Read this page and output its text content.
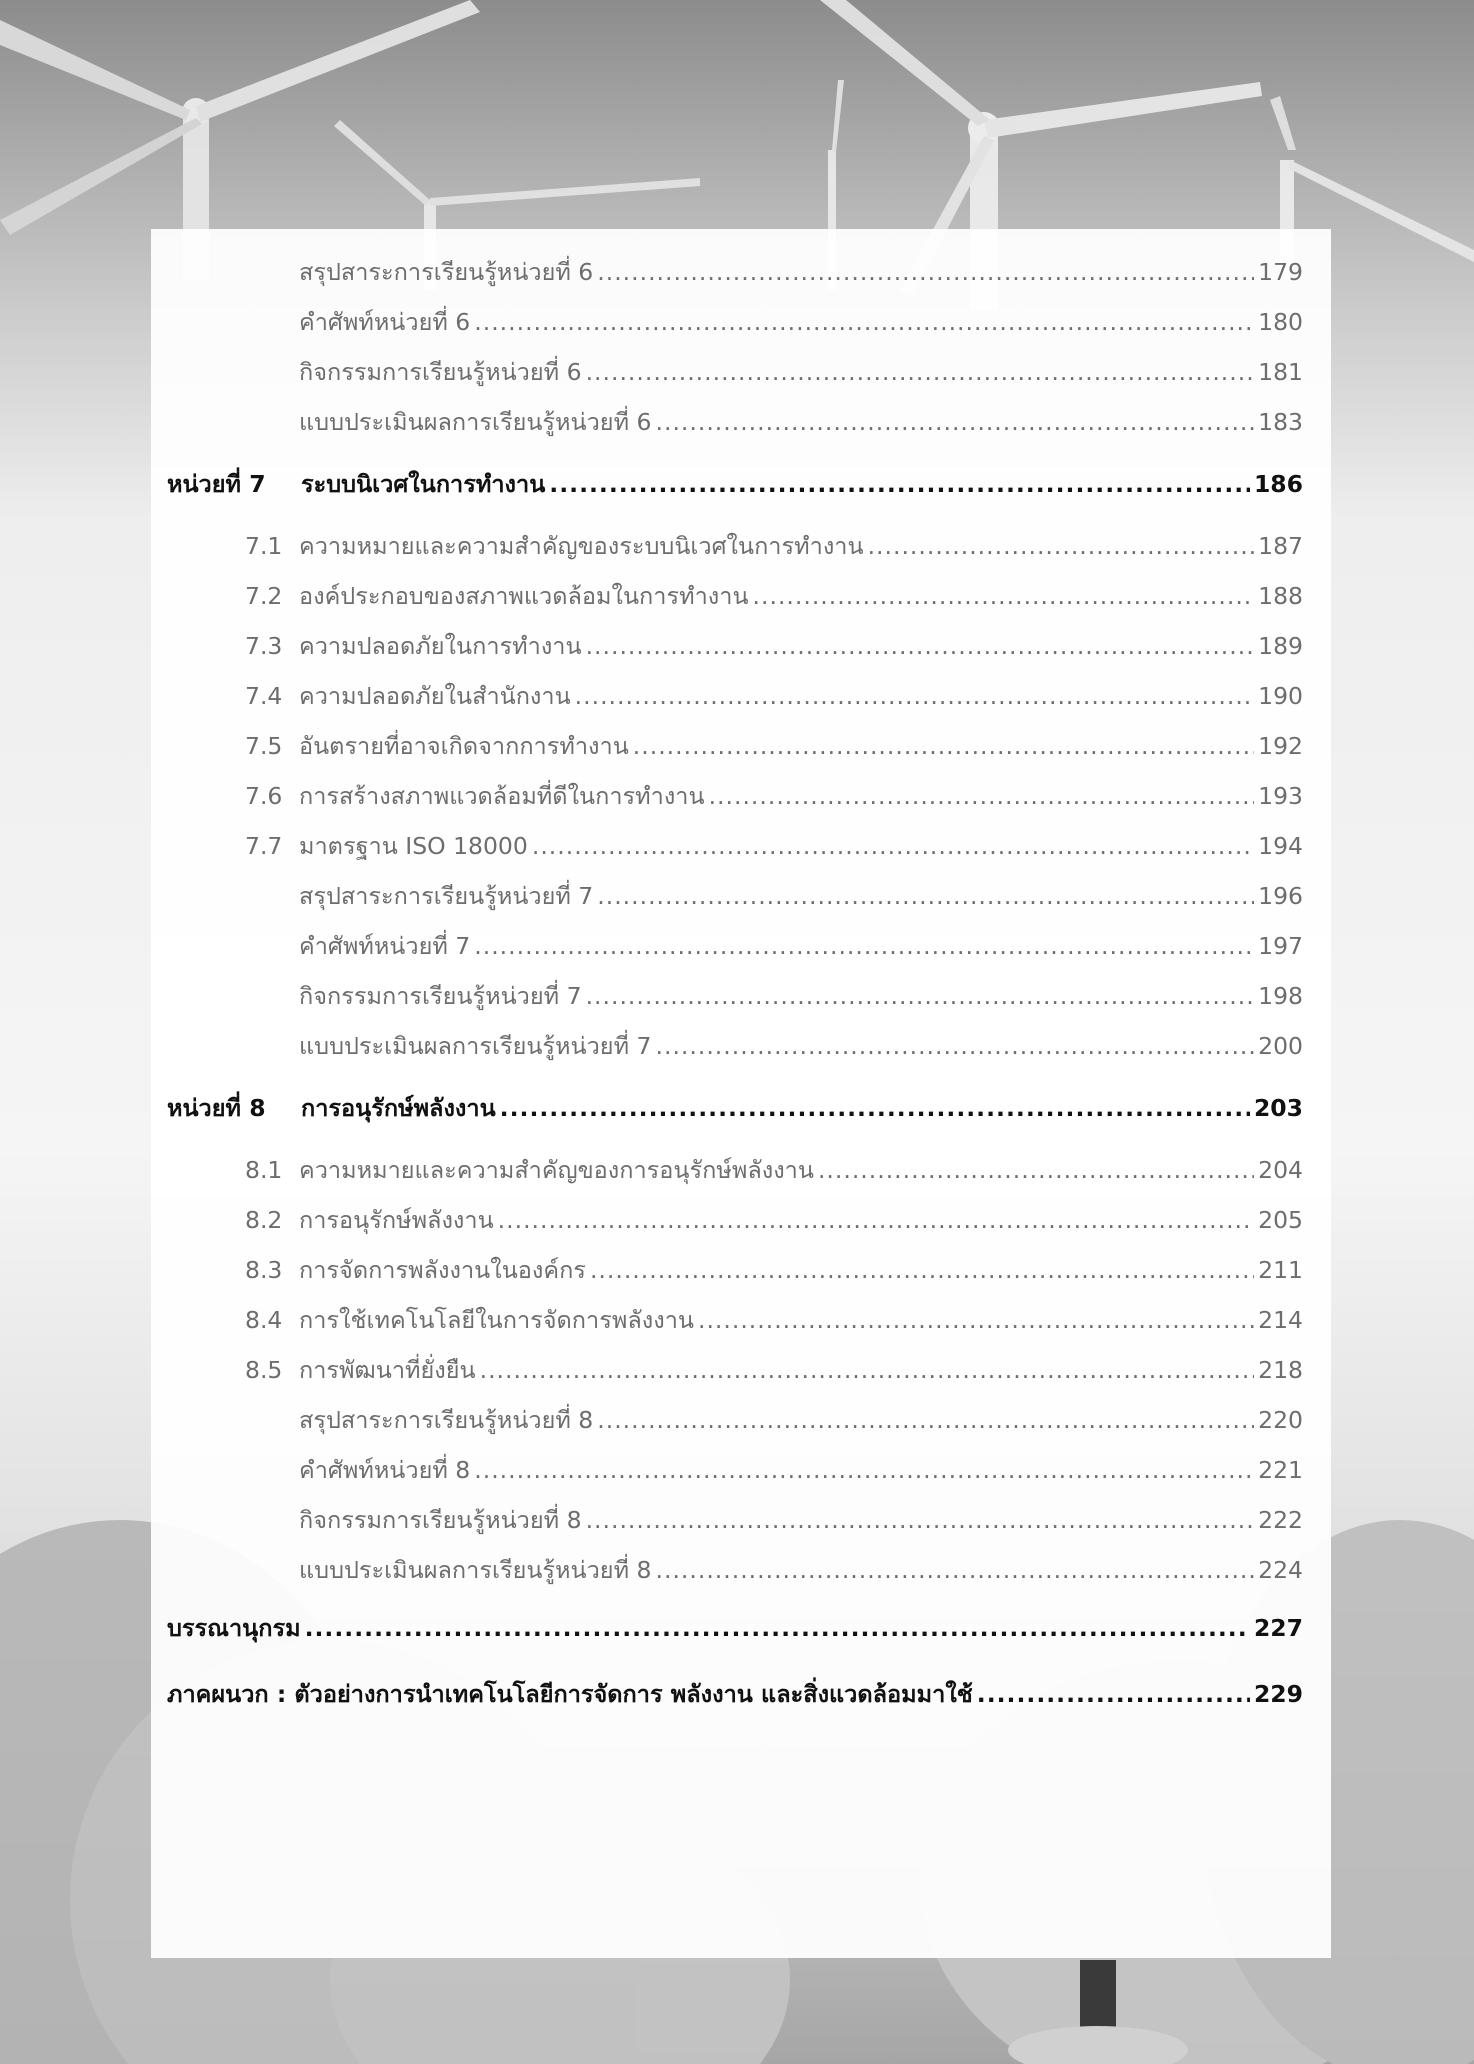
สรุปสาระการเรียนรู้หน่วยที่ 6 .....	179
คำศัพท์หน่วยที่ 6 .....	180
กิจกรรมการเรียนรู้หน่วยที่ 6 .....	181
แบบประเมินผลการเรียนรู้หน่วยที่ 6 .....	183
หน่วยที่ 7	ระบบนิเวศในการทำงาน .....	186
7.1 ความหมายและความสำคัญของระบบนิเวศในการทำงาน .....	187
7.2 องค์ประกอบของสภาพแวดล้อมในการทำงาน .....	188
7.3 ความปลอดภัยในการทำงาน .....	189
7.4 ความปลอดภัยในสำนักงาน .....	190
7.5 อันตรายที่อาจเกิดจากการทำงาน .....	192
7.6 การสร้างสภาพแวดล้อมที่ดีในการทำงาน .....	193
7.7 มาตรฐาน ISO 18000 .....	194
สรุปสาระการเรียนรู้หน่วยที่ 7 .....	196
คำศัพท์หน่วยที่ 7 .....	197
กิจกรรมการเรียนรู้หน่วยที่ 7 .....	198
แบบประเมินผลการเรียนรู้หน่วยที่ 7 .....	200
หน่วยที่ 8	การอนุรักษ์พลังงาน .....	203
8.1 ความหมายและความสำคัญของการอนุรักษ์พลังงาน .....	204
8.2 การอนุรักษ์พลังงาน .....	205
8.3 การจัดการพลังงานในองค์กร .....	211
8.4 การใช้เทคโนโลยีในการจัดการพลังงาน .....	214
8.5 การพัฒนาที่ยั่งยืน .....	218
สรุปสาระการเรียนรู้หน่วยที่ 8 .....	220
คำศัพท์หน่วยที่ 8 .....	221
กิจกรรมการเรียนรู้หน่วยที่ 8 .....	222
แบบประเมินผลการเรียนรู้หน่วยที่ 8 .....	224
บรรณานุกรม .....	227
ภาคผนวก : ตัวอย่างการนำเทคโนโลยีการจัดการ พลังงาน และสิ่งแวดล้อมมาใช้ .....	229
